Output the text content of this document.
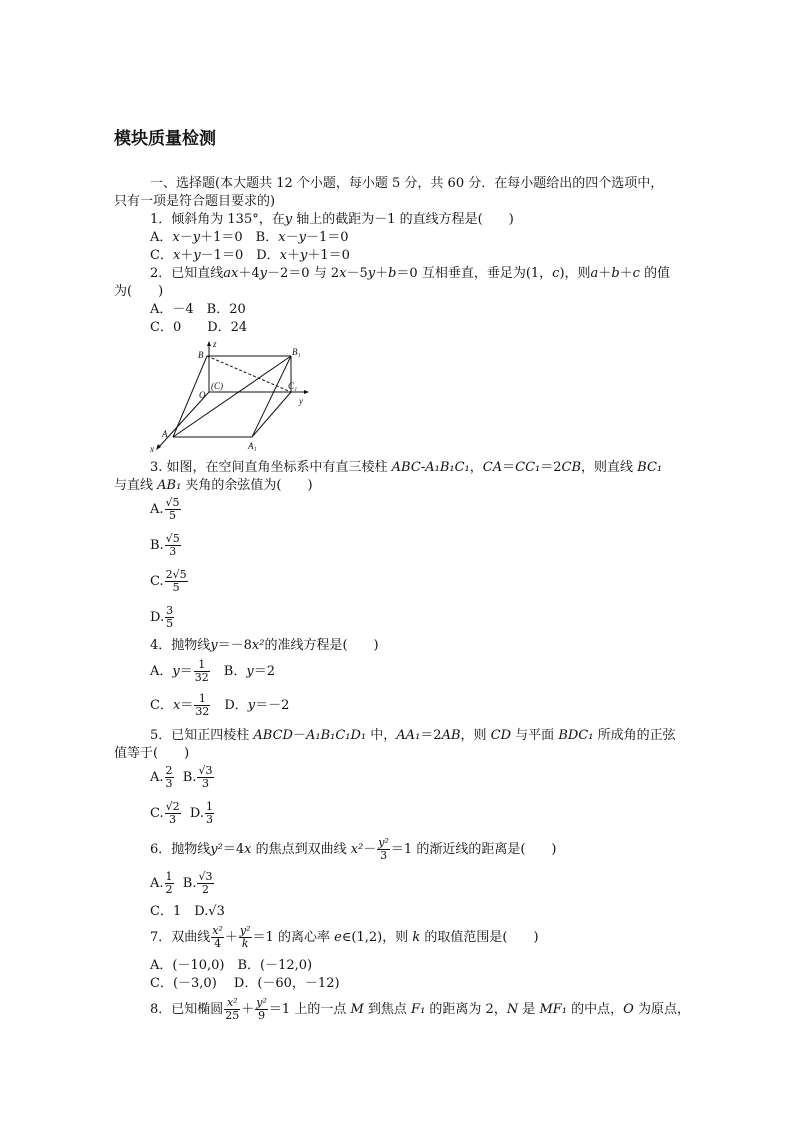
模块质量检测
一、选择题(本大题共 12 个小题，每小题 5 分，共 60 分．在每小题给出的四个选项中，
只有一项是符合题目要求的)
1．倾斜角为 135°，在y 轴上的截距为－1 的直线方程是( )
A．x－y＋1＝0　B．x－y－1＝0
C．x＋y－1＝0　D．x＋y＋1＝0
2．已知直线ax＋4y－2＝0 与 2x－5y＋b＝0 互相垂直，垂足为(1，c)，则a＋b＋c 的值
为( )
A．－4　B．20
C．0　　D．24
z
B	B₁
O
(C)	C₁
y
A
x	A₁
3. 如图，在空间直角坐标系中有直三棱柱 ABC-A₁B₁C₁，CA＝CC₁＝2CB，则直线 BC₁
与直线 AB₁ 夹角的余弦值为( )
A. $\frac{√5}{5}$
B. $\frac{√5}{3}$
C. $\frac{2√5}{5}$
D. $\frac{3}{5}$
4．抛物线y＝－8x²的准线方程是( )
A．$y= \frac{1}{32}$ 　B．y＝2
C．$x= \frac{1}{32}$ 　D．y＝－2
5．已知正四棱柱 ABCD－A₁B₁C₁D₁ 中，AA₁＝2AB，则 CD 与平面 BDC₁ 所成角的正弦
值等于( )
A. $\frac{2}{3} B$. $\frac{√3}{3}$
C. $\frac{√2}{3} D$. $\frac{1}{3}$
6．抛物线y²＝4x 的焦点到双曲线 $x^2- \frac{\text{y²}}{3} =1$ 的渐近线的距离是( )
A. $\frac{1}{2} B$. $\frac{√3}{2}$
C．1　D.√3
7．双曲线 $\frac{\text{x²}}{4} + \frac{\text{y²}}{k} =1$ 的离心率 e∈(1,2)，则 k 的取值范围是( )
A．(－10,0)　B．(－12,0)
C．(－3,0)　 D．(－60，－12)
8．已知椭圆 $\frac{\text{x²}}{25} + \frac{\text{y²}}{9} =1$ 上的一点 M 到焦点 F₁ 的距离为 2，N 是 MF₁ 的中点，O 为原点，
